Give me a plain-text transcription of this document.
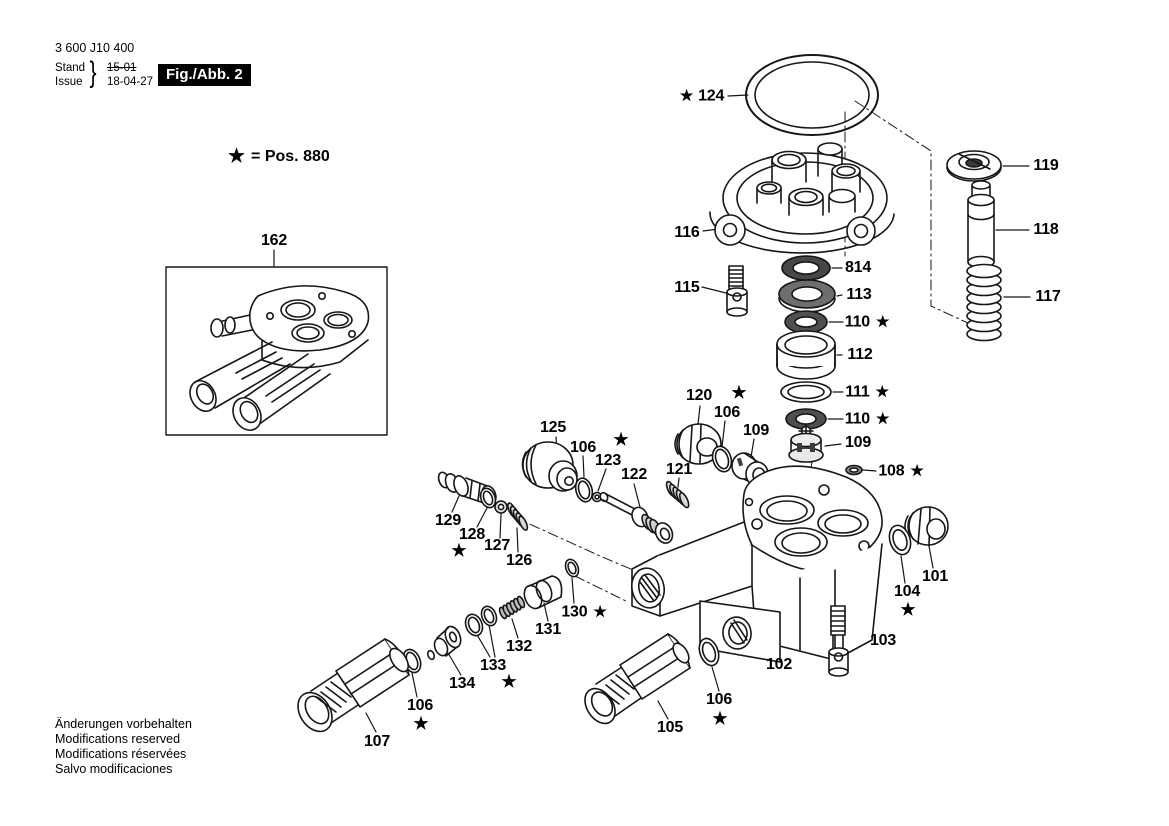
3 600 J10 400
Stand
Issue } 15-01
18-04-27 Fig./Abb. 2
★ = Pos. 880
★ 124
116
115
119
118
117
814
113
110 ★
112
111 ★
110 ★
109
108 ★
120 ★
106
109
125
★
106
123
122 121
129
128
★ 127
126
130 ★
131
132
133
★
134
106
★
107
105
106
★
102
103
101
104
★
162
Änderungen vorbehalten
Modifications reserved
Modifications réservées
Salvo modificaciones
